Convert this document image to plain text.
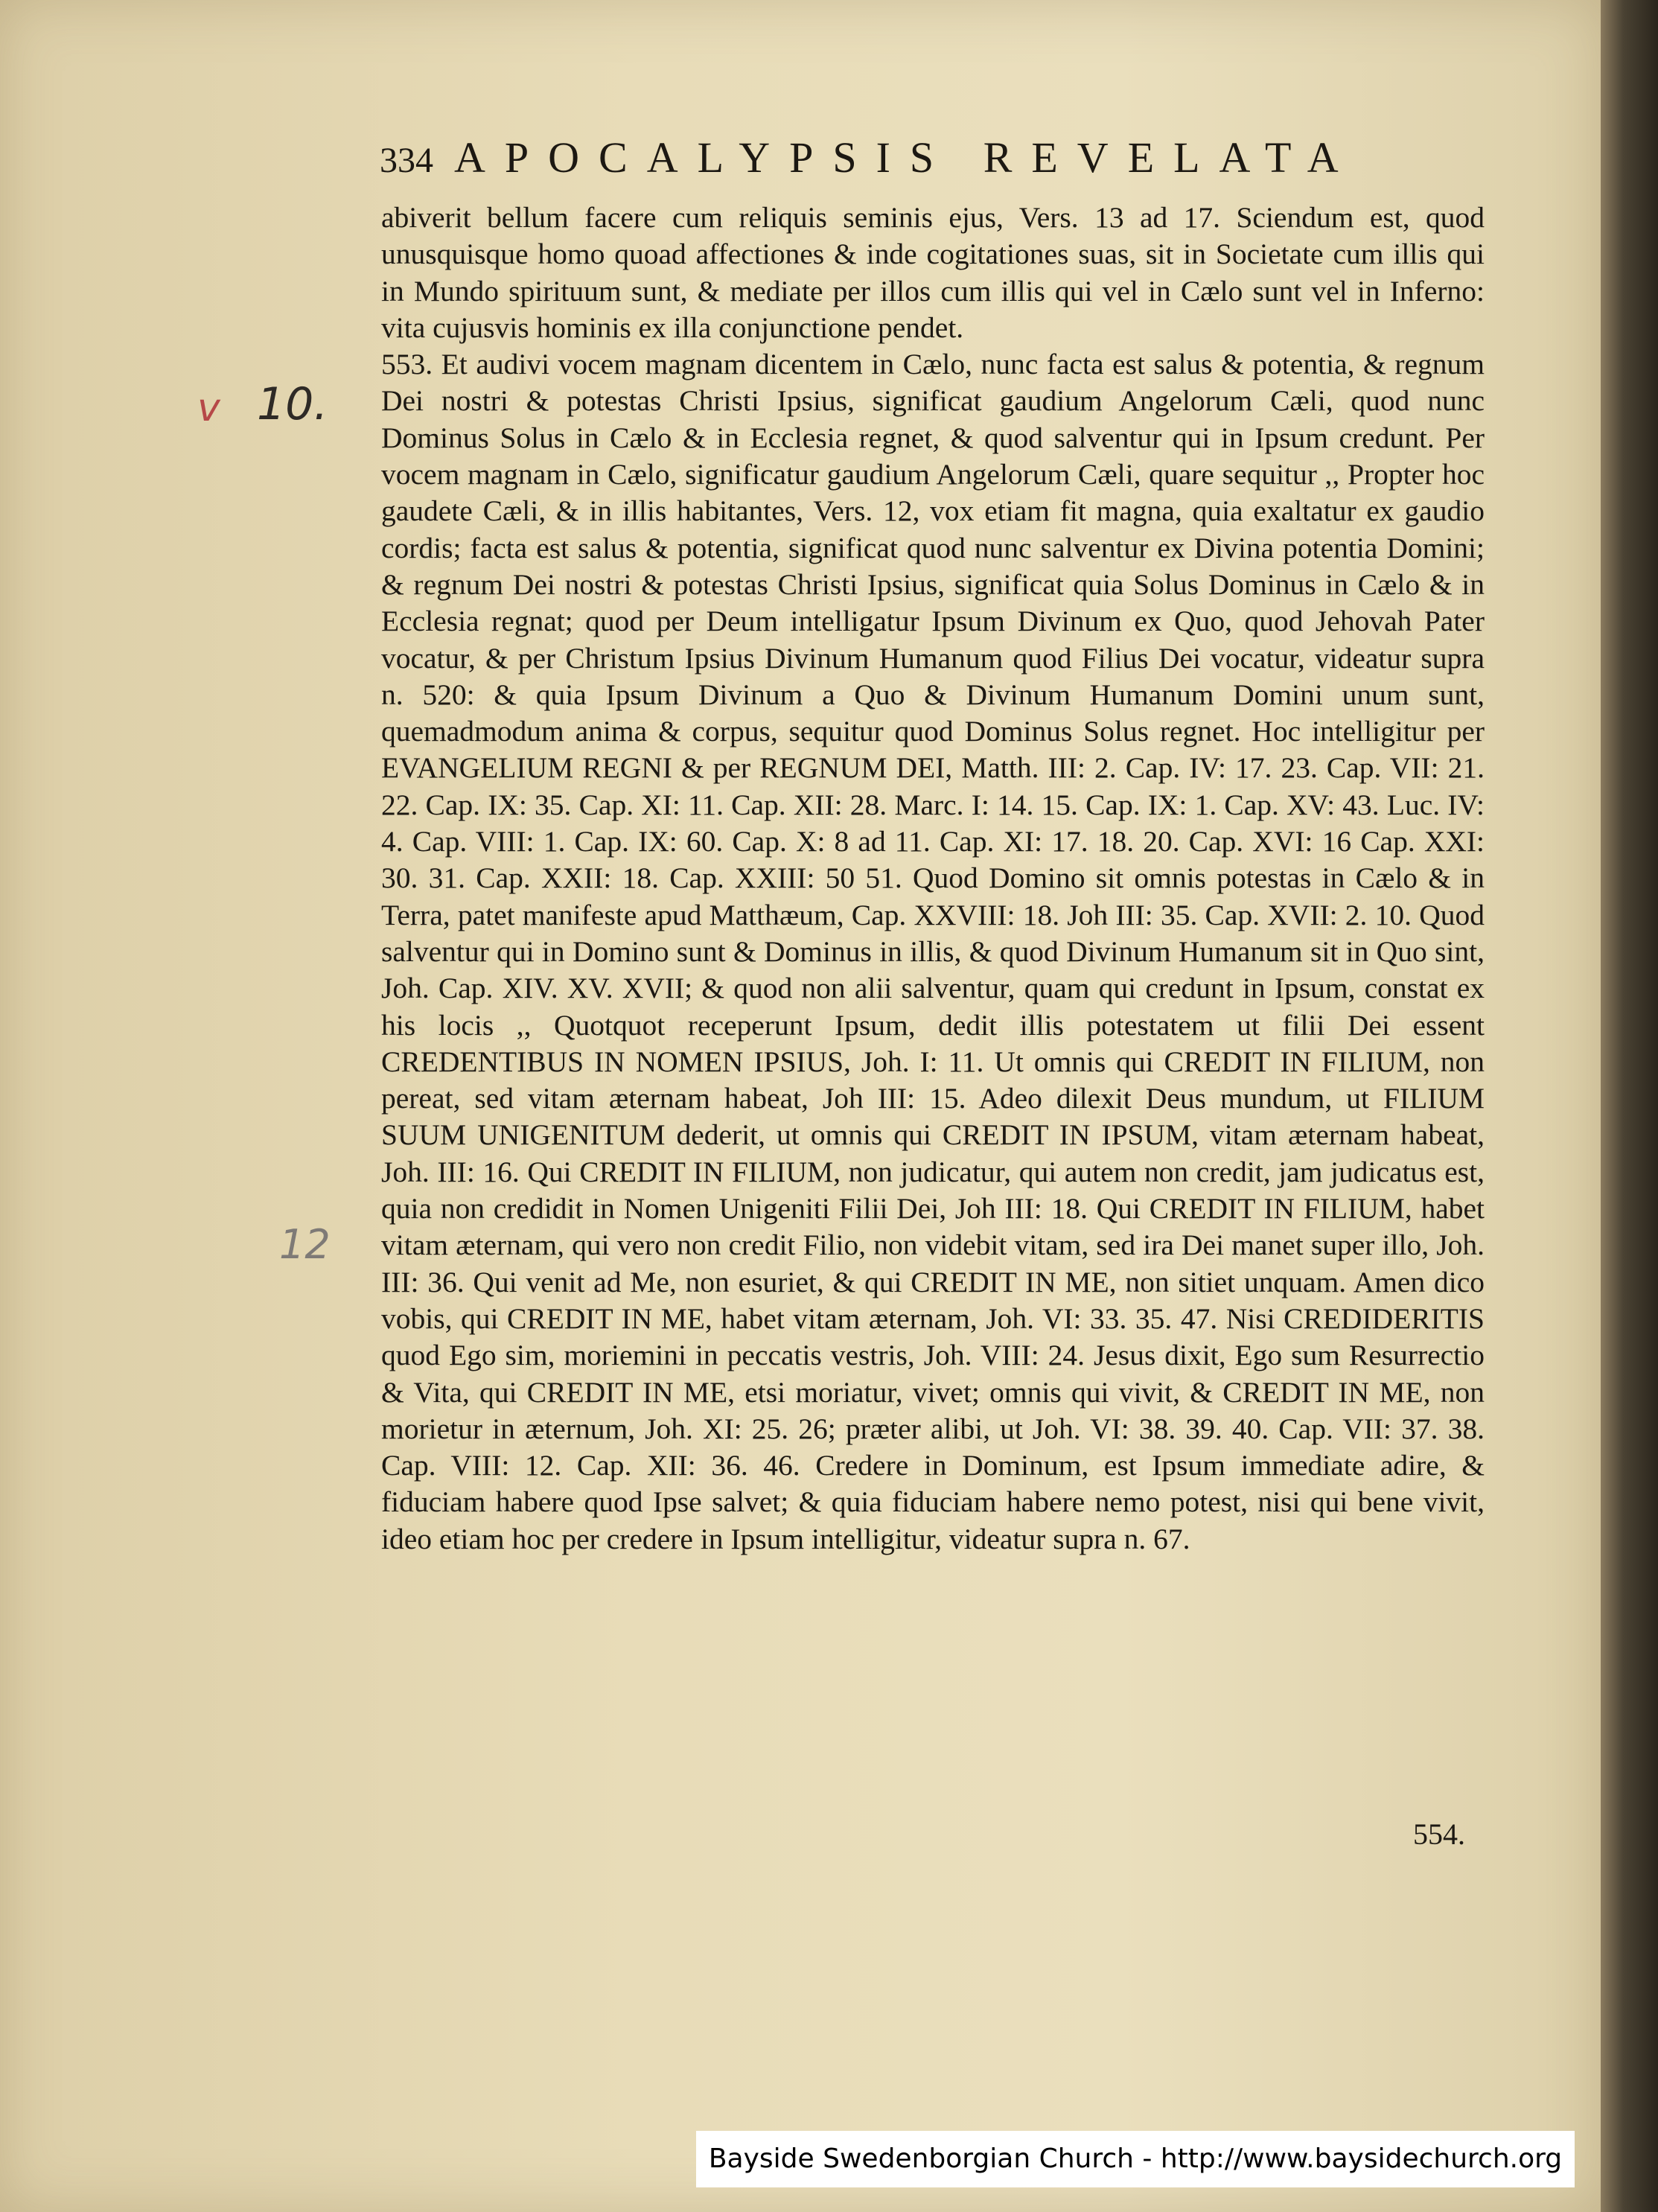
334 APOCALYPSIS REVELATA
abiverit bellum facere cum reliquis seminis ejus, Vers. 13 ad 17. Sciendum est, quod unusquisque homo quoad affectiones & inde cogitationes suas, sit in Societate cum illis qui in Mundo spirituum sunt, & mediate per illos cum illis qui vel in Cælo sunt vel in Inferno: vita cujusvis hominis ex illa conjunctione pendet.
553. Et audivi vocem magnam dicentem in Cælo, nunc facta est salus & potentia, & regnum Dei nostri & potestas Christi Ipsius, significat gaudium Angelorum Cæli, quod nunc Dominus Solus in Cælo & in Ecclesia regnet, & quod salventur qui in Ipsum credunt. Per vocem magnam in Cælo, significatur gaudium Angelorum Cæli, quare sequitur ,, Propter hoc gaudete Cæli, & in illis habitantes, Vers. 12, vox etiam fit magna, quia exaltatur ex gaudio cordis; facta est salus & potentia, significat quod nunc salventur ex Divina potentia Domini; & regnum Dei nostri & potestas Christi Ipsius, significat quia Solus Dominus in Cælo & in Ecclesia regnat; quod per Deum intelligatur Ipsum Divinum ex Quo, quod Jehovah Pater vocatur, & per Christum Ipsius Divinum Humanum quod Filius Dei vocatur, videatur supra n. 520: & quia Ipsum Divinum a Quo & Divinum Humanum Domini unum sunt, quemadmodum anima & corpus, sequitur quod Dominus Solus regnet. Hoc intelligitur per EVANGELIUM REGNI & per REGNUM DEI, Matth. III: 2. Cap. IV: 17. 23. Cap. VII: 21. 22. Cap. IX: 35. Cap. XI: 11. Cap. XII: 28. Marc. I: 14. 15. Cap. IX: 1. Cap. XV: 43. Luc. IV: 4. Cap. VIII: 1. Cap. IX: 60. Cap. X: 8 ad 11. Cap. XI: 17. 18. 20. Cap. XVI: 16 Cap. XXI: 30. 31. Cap. XXII: 18. Cap. XXIII: 50 51. Quod Domino sit omnis potestas in Cælo & in Terra, patet manifeste apud Matthæum, Cap. XXVIII: 18. Joh III: 35. Cap. XVII: 2. 10. Quod salventur qui in Domino sunt & Dominus in illis, & quod Divinum Humanum sit in Quo sint, Joh. Cap. XIV. XV. XVII; & quod non alii salventur, quam qui credunt in Ipsum, constat ex his locis ,, Quotquot receperunt Ipsum, dedit illis potestatem ut filii Dei essent CREDENTIBUS IN NOMEN IPSIUS, Joh. I: 11. Ut omnis qui CREDIT IN FILIUM, non pereat, sed vitam æternam habeat, Joh III: 15. Adeo dilexit Deus mundum, ut FILIUM SUUM UNIGENITUM dederit, ut omnis qui CREDIT IN IPSUM, vitam æternam habeat, Joh. III: 16. Qui CREDIT IN FILIUM, non judicatur, qui autem non credit, jam judicatus est, quia non credidit in Nomen Unigeniti Filii Dei, Joh III: 18. Qui CREDIT IN FILIUM, habet vitam æternam, qui vero non credit Filio, non videbit vitam, sed ira Dei manet super illo, Joh. III: 36. Qui venit ad Me, non esuriet, & qui CREDIT IN ME, non sitiet unquam. Amen dico vobis, qui CREDIT IN ME, habet vitam æternam, Joh. VI: 33. 35. 47. Nisi CREDIDERITIS quod Ego sim, moriemini in peccatis vestris, Joh. VIII: 24. Jesus dixit, Ego sum Resurrectio & Vita, qui CREDIT IN ME, etsi moriatur, vivet; omnis qui vivit, & CREDIT IN ME, non morietur in æternum, Joh. XI: 25. 26; præter alibi, ut Joh. VI: 38. 39. 40. Cap. VII: 37. 38. Cap. VIII: 12. Cap. XII: 36. 46. Credere in Dominum, est Ipsum immediate adire, & fiduciam habere quod Ipse salvet; & quia fiduciam habere nemo potest, nisi qui bene vivit, ideo etiam hoc per credere in Ipsum intelligitur, videatur supra n. 67.
554.
v 10.
12
Bayside Swedenborgian Church - http://www.baysidechurch.org
